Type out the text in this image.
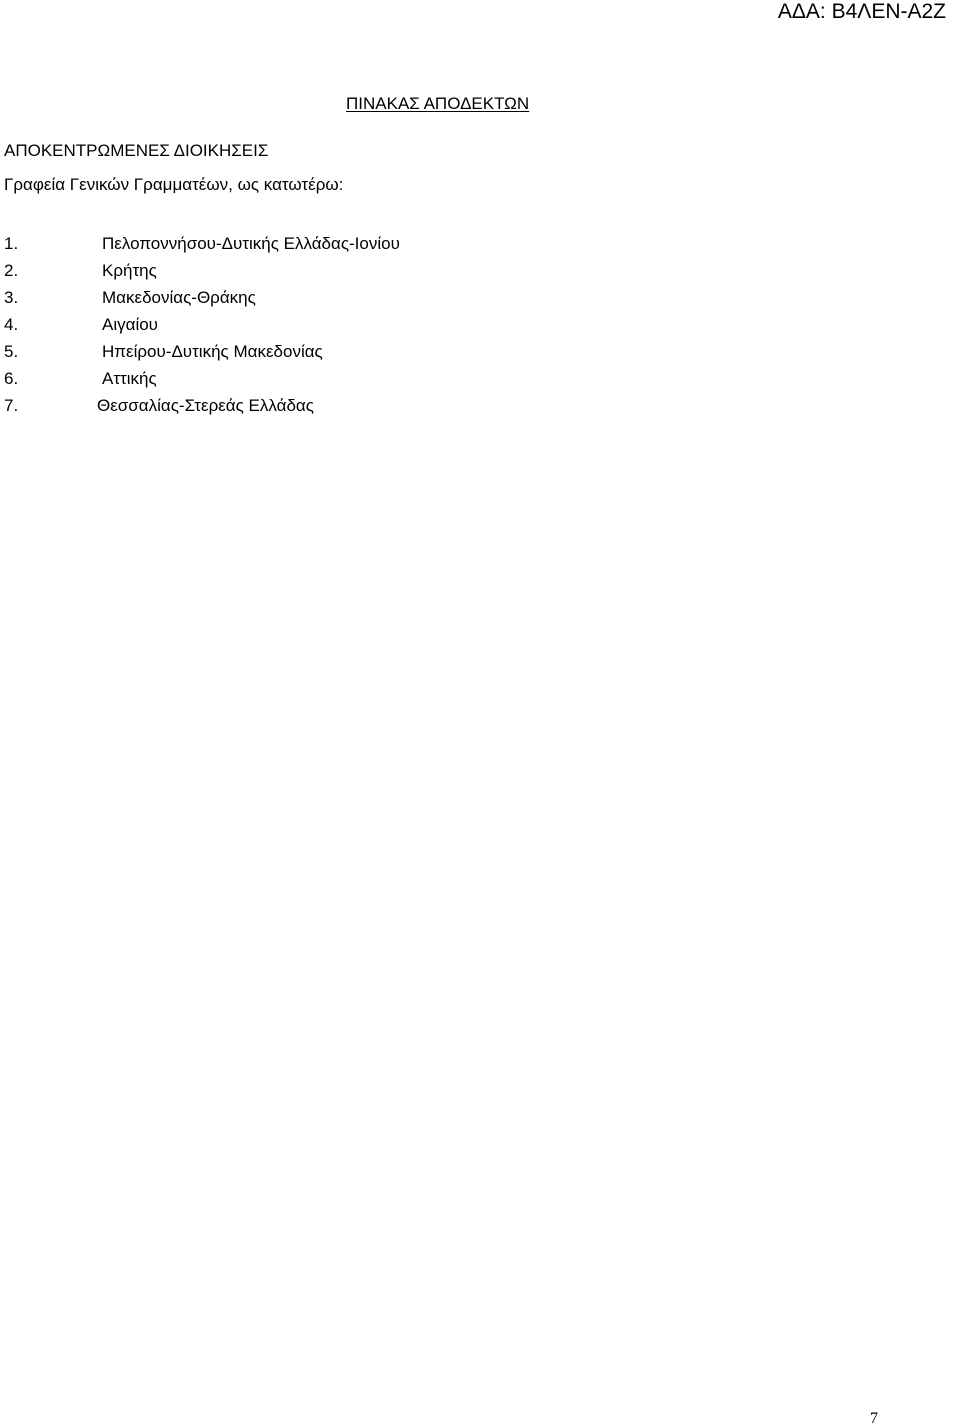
ΑΔΑ: Β4ΛΕΝ-Α2Ζ
ΠΙΝΑΚΑΣ ΑΠΟΔΕΚΤΩΝ
ΑΠΟΚΕΝΤΡΩΜΕΝΕΣ ΔΙΟΙΚΗΣΕΙΣ
Γραφεία Γενικών Γραμματέων, ως κατωτέρω:
1.	Πελοποννήσου-Δυτικής Ελλάδας-Ιονίου
2.	Κρήτης
3.	Μακεδονίας-Θράκης
4.	Αιγαίου
5.	Ηπείρου-Δυτικής Μακεδονίας
6.	Αττικής
7.	Θεσσαλίας-Στερεάς Ελλάδας
7
